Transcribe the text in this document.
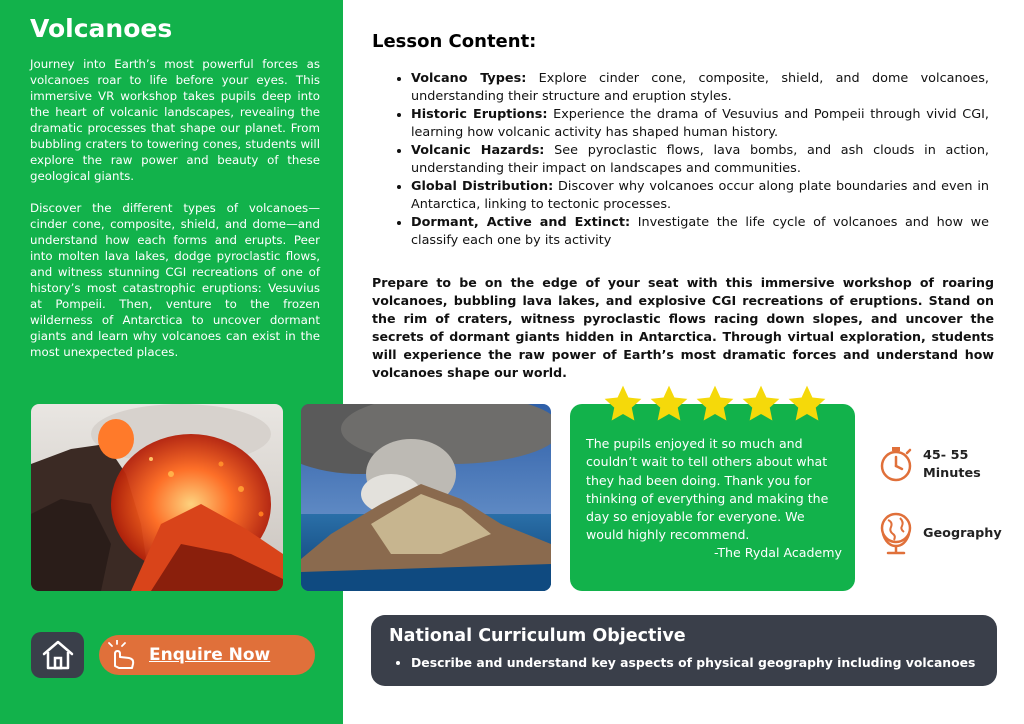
Volcanoes

Journey into Earth’s most powerful forces as volcanoes roar to life before your eyes. This immersive VR workshop takes pupils deep into the heart of volcanic landscapes, revealing the dramatic processes that shape our planet. From bubbling craters to towering cones, students will explore the raw power and beauty of these geological giants.

Discover the different types of volcanoes—cinder cone, composite, shield, and dome—and understand how each forms and erupts. Peer into molten lava lakes, dodge pyroclastic flows, and witness stunning CGI recreations of one of history’s most catastrophic eruptions: Vesuvius at Pompeii. Then, venture to the frozen wilderness of Antarctica to uncover dormant giants and learn why volcanoes can exist in the most unexpected places.

Enquire Now
Lesson Content:
• Volcano Types: Explore cinder cone, composite, shield, and dome volcanoes, understanding their structure and eruption styles.
• Historic Eruptions: Experience the drama of Vesuvius and Pompeii through vivid CGI, learning how volcanic activity has shaped human history.
• Volcanic Hazards: See pyroclastic flows, lava bombs, and ash clouds in action, understanding their impact on landscapes and communities.
• Global Distribution: Discover why volcanoes occur along plate boundaries and even in Antarctica, linking to tectonic processes.
• Dormant, Active and Extinct: Investigate the life cycle of volcanoes and how we classify each one by its activity

Prepare to be on the edge of your seat with this immersive workshop of roaring volcanoes, bubbling lava lakes, and explosive CGI recreations of eruptions. Stand on the rim of craters, witness pyroclastic flows racing down slopes, and uncover the secrets of dormant giants hidden in Antarctica. Through virtual exploration, students will experience the raw power of Earth’s most dramatic forces and understand how volcanoes shape our world.

The pupils enjoyed it so much and couldn’t wait to tell others about what they had been doing. Thank you for thinking of everything and making the day so enjoyable for everyone. We would highly recommend.
-The Rydal Academy
45- 55 Minutes
Geography
National Curriculum Objective
• Describe and understand key aspects of physical geography including volcanoes
